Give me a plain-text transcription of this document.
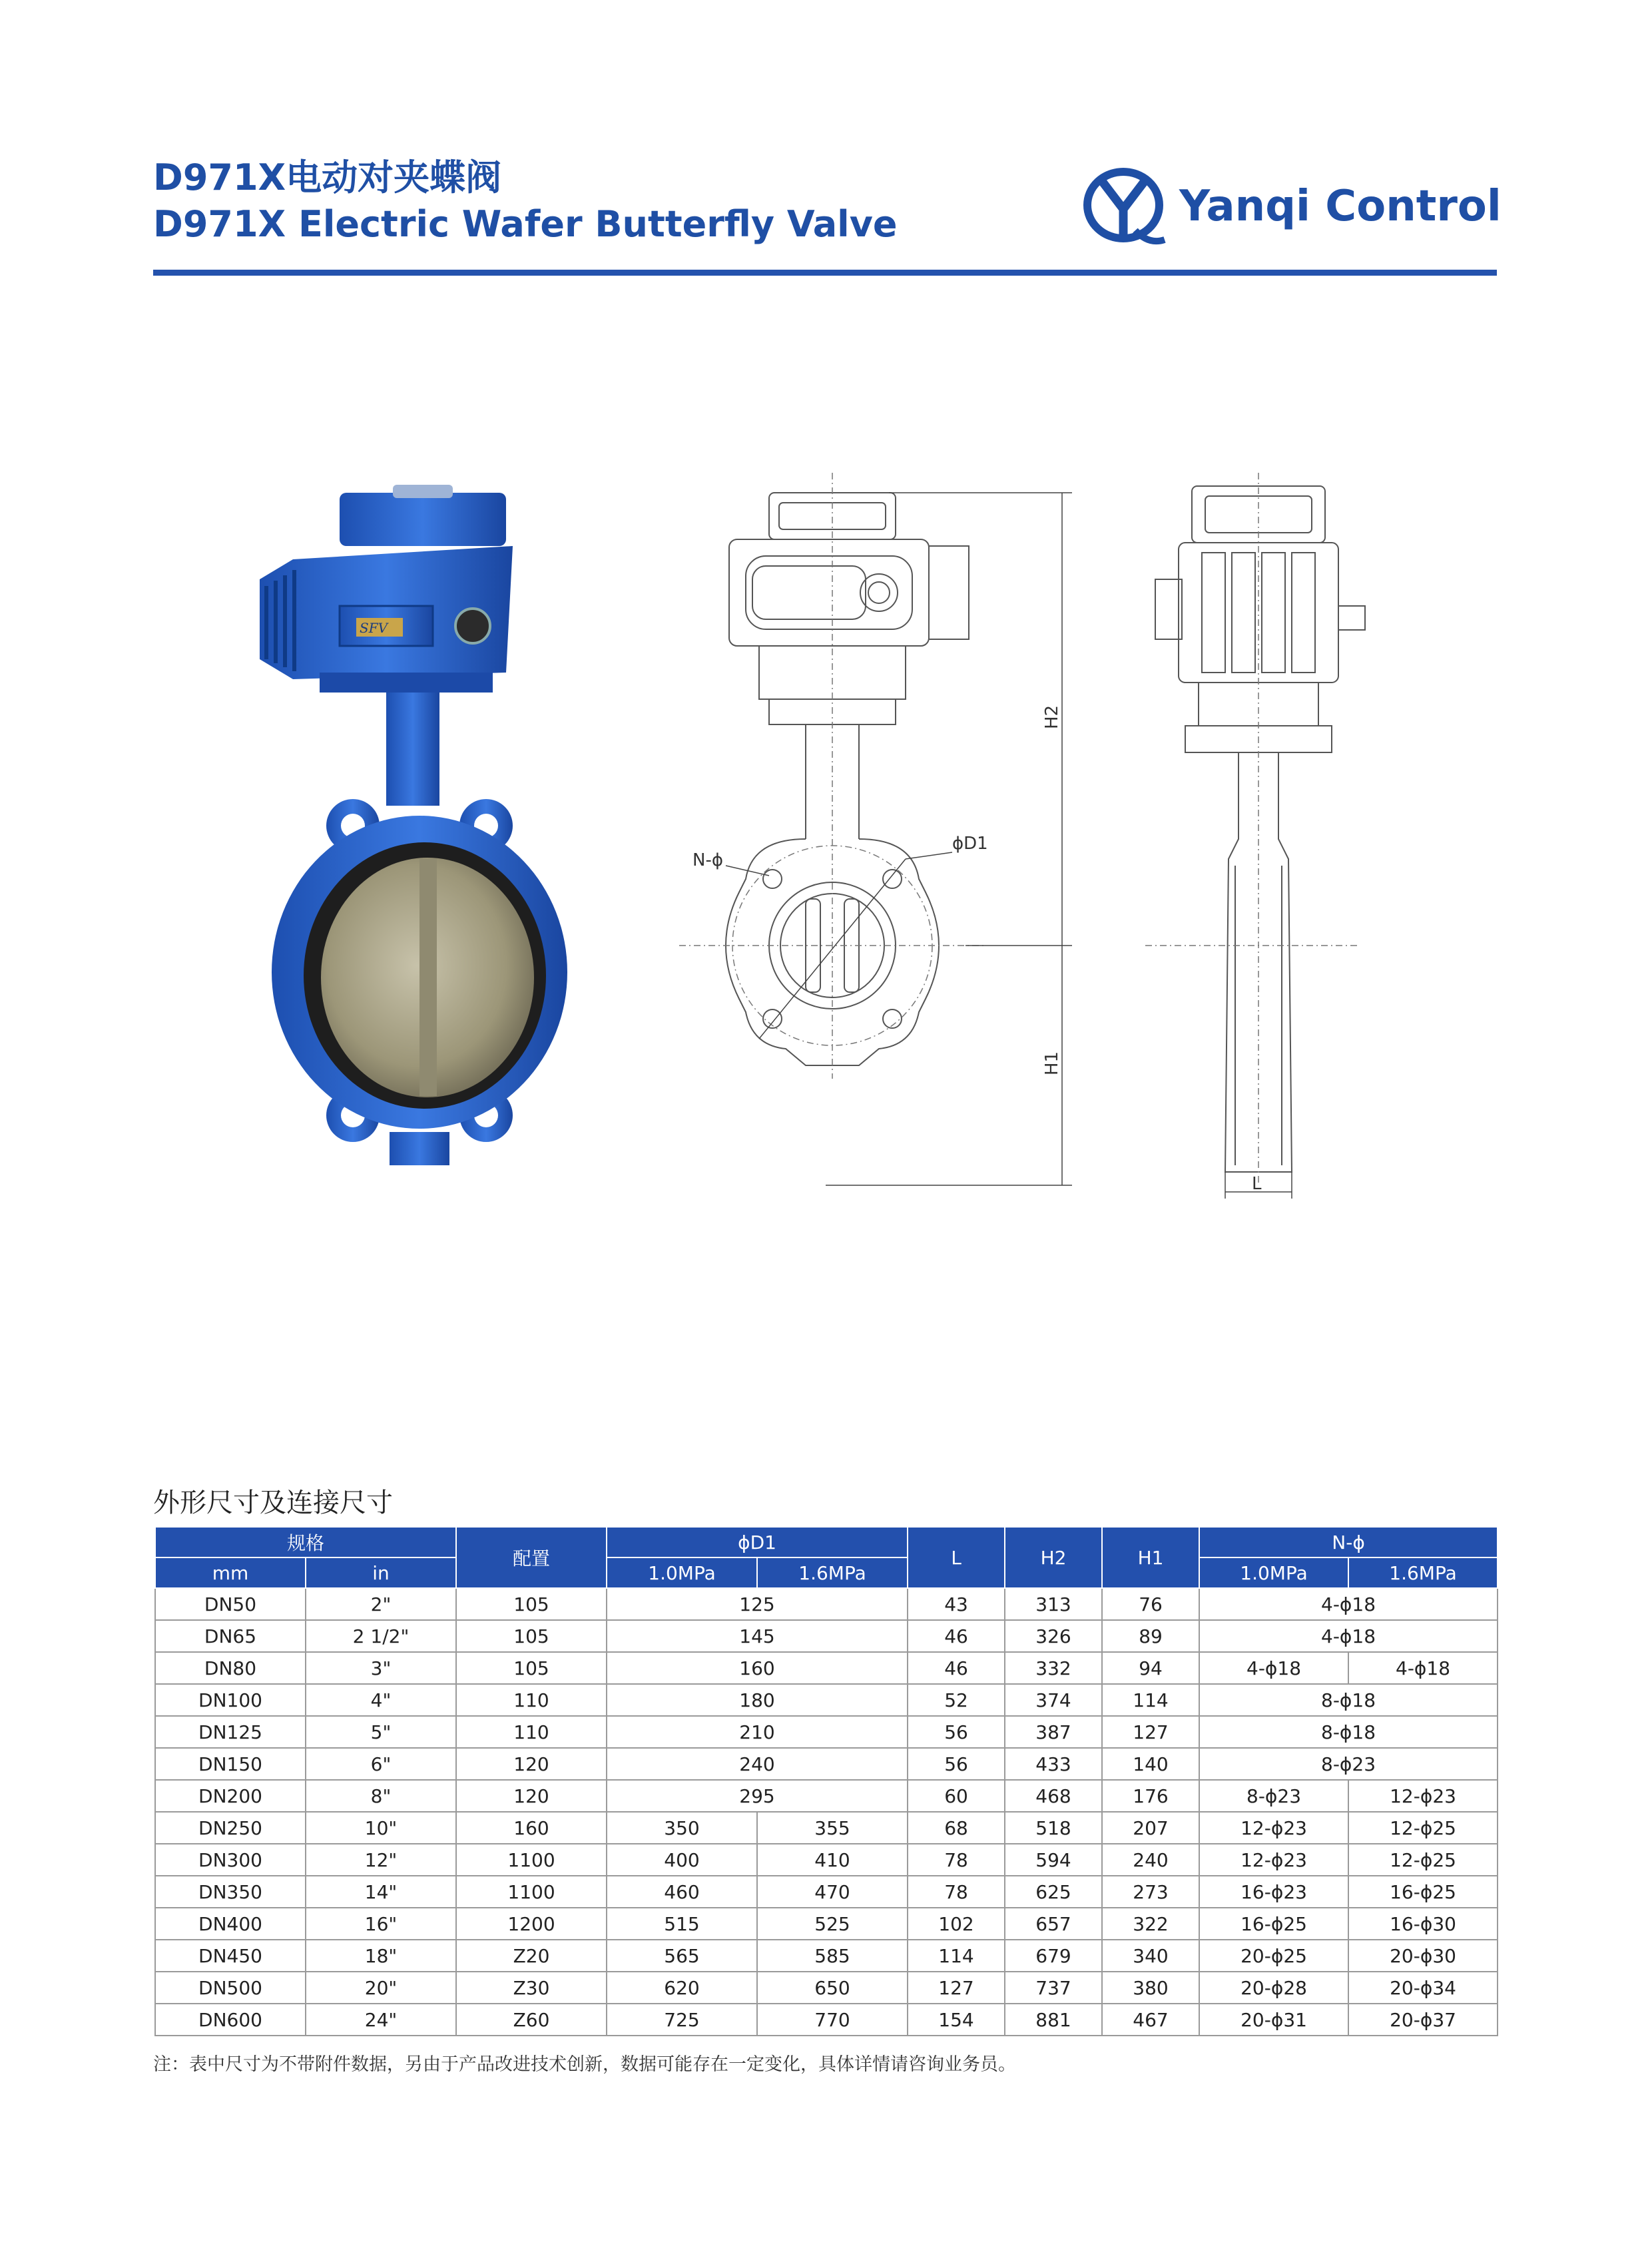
D971X电动对夹蝶阀
D971X Electric Wafer Butterfly Valve	Yanqi Control
SFV
N-ϕ
ϕD1
H2
H1
L
外形尺寸及连接尺寸
规格		配置	ϕD1		L	H2	H1	N-ϕ	
mm	in		1.0MPa	1.6MPa				1.0MPa	1.6MPa
DN50	2"	105	125		43	313	76	4-ϕ18	
DN65	2 1/2"	105	145		46	326	89	4-ϕ18	
DN80	3"	105	160		46	332	94	4-ϕ18	4-ϕ18
DN100	4"	110	180		52	374	114	8-ϕ18	
DN125	5"	110	210		56	387	127	8-ϕ18	
DN150	6"	120	240		56	433	140	8-ϕ23	
DN200	8"	120	295		60	468	176	8-ϕ23	12-ϕ23
DN250	10"	160	350	355	68	518	207	12-ϕ23	12-ϕ25
DN300	12"	1100	400	410	78	594	240	12-ϕ23	12-ϕ25
DN350	14"	1100	460	470	78	625	273	16-ϕ23	16-ϕ25
DN400	16"	1200	515	525	102	657	322	16-ϕ25	16-ϕ30
DN450	18"	Z20	565	585	114	679	340	20-ϕ25	20-ϕ30
DN500	20"	Z30	620	650	127	737	380	20-ϕ28	20-ϕ34
DN600	24"	Z60	725	770	154	881	467	20-ϕ31	20-ϕ37
注：表中尺寸为不带附件数据，另由于产品改进技术创新，数据可能存在一定变化，具体详情请咨询业务员。
